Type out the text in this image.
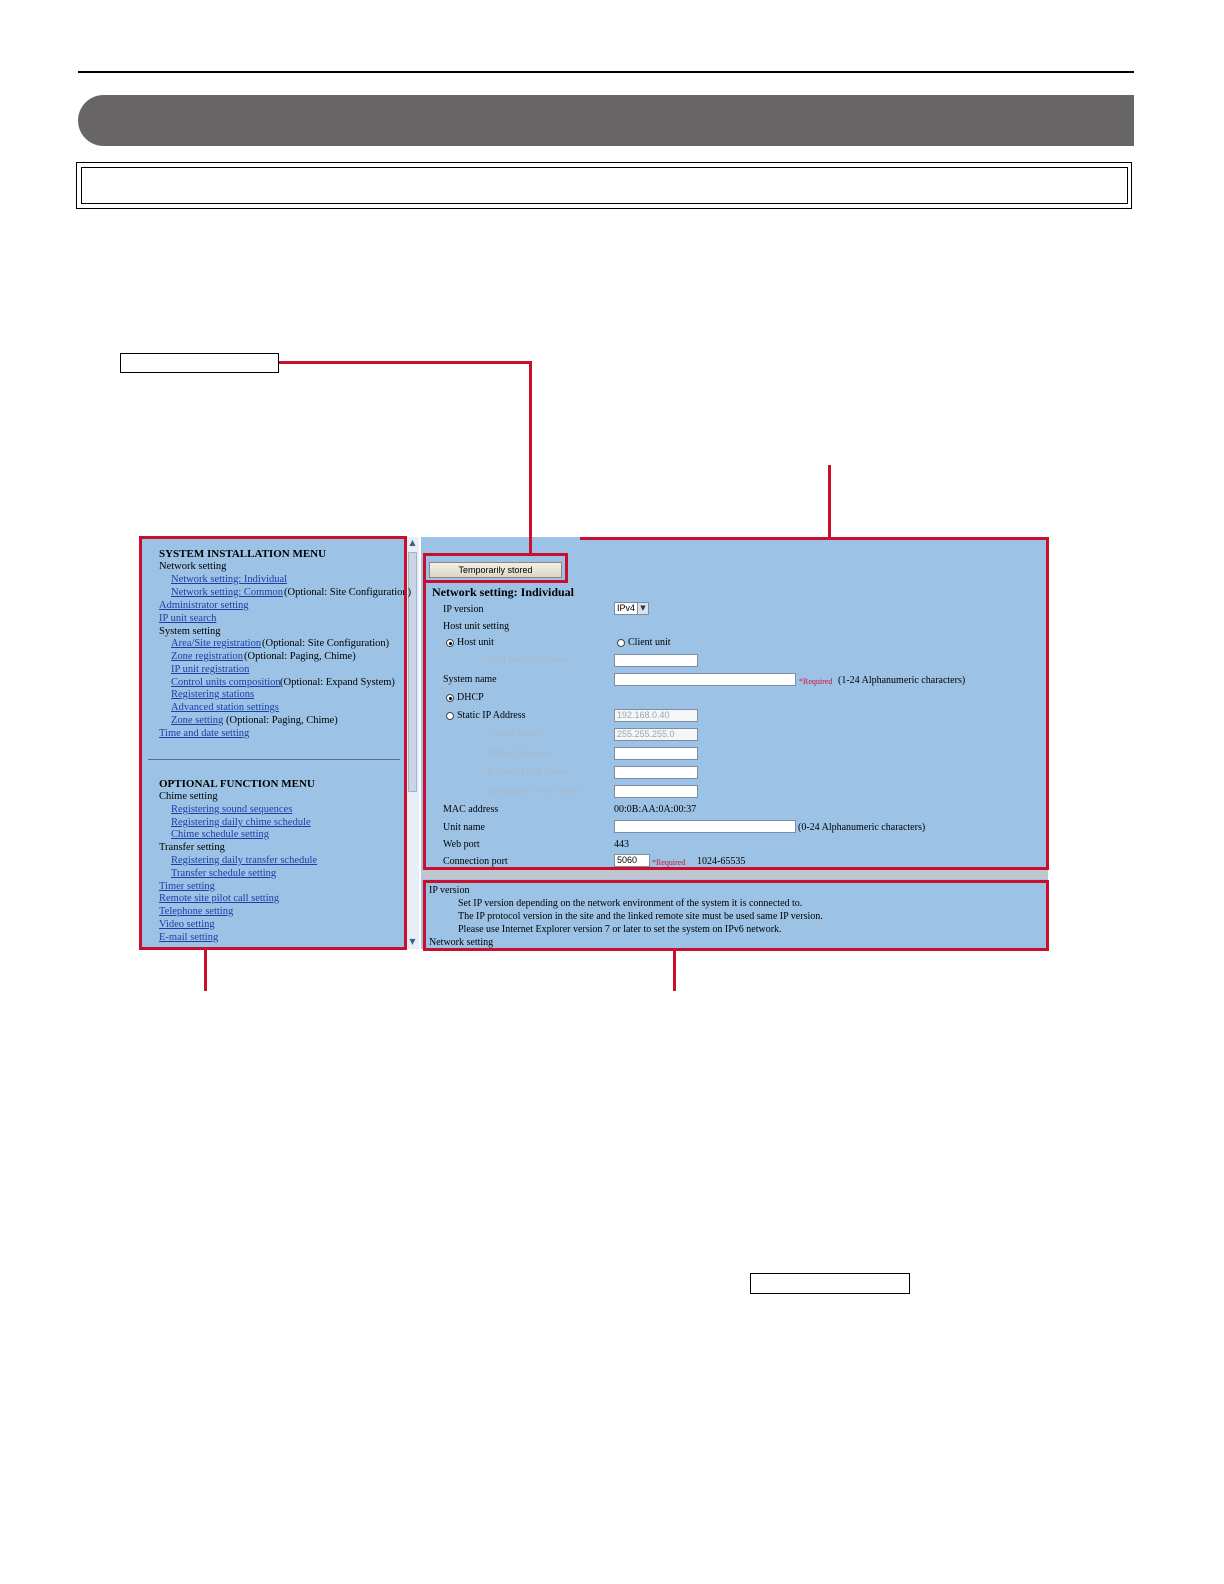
▲
▼
SYSTEM INSTALLATION MENU
Network setting
Network setting: Individual
Network setting: Common (Optional: Site Configuration)
Administrator setting
IP unit search
System setting
Area/Site registration (Optional: Site Configuration)
Zone registration (Optional: Paging, Chime)
IP unit registration
Control units composition (Optional: Expand System)
Registering stations
Advanced station settings
Zone setting (Optional: Paging, Chime)
Time and date setting
OPTIONAL FUNCTION MENU
Chime setting
Registering sound sequences
Registering daily chime schedule
Chime schedule setting
Transfer setting
Registering daily transfer schedule
Transfer schedule setting
Timer setting
Remote site pilot call setting
Telephone setting
Video setting
E-mail setting
Temporarily stored
Network setting: Individual
IP version	IPv4 ▼
Host unit setting
Host unit	Client unit
Host unit IP address
System name	*Required (1-24 Alphanumeric characters)
DHCP
Static IP Address	192.168.0.40
Subnet Mask	255.255.255.0
Default Gateway
Primary DNS Server
Secondary DNS Server
MAC address	00:0B:AA:0A:00:37
Unit name	(0-24 Alphanumeric characters)
Web port	443
Connection port	5060	*Required 1024-65535
IP version
Set IP version depending on the network environment of the system it is connected to.
The IP protocol version in the site and the linked remote site must be used same IP version.
Please use Internet Explorer version 7 or later to set the system on IPv6 network.
Network setting
